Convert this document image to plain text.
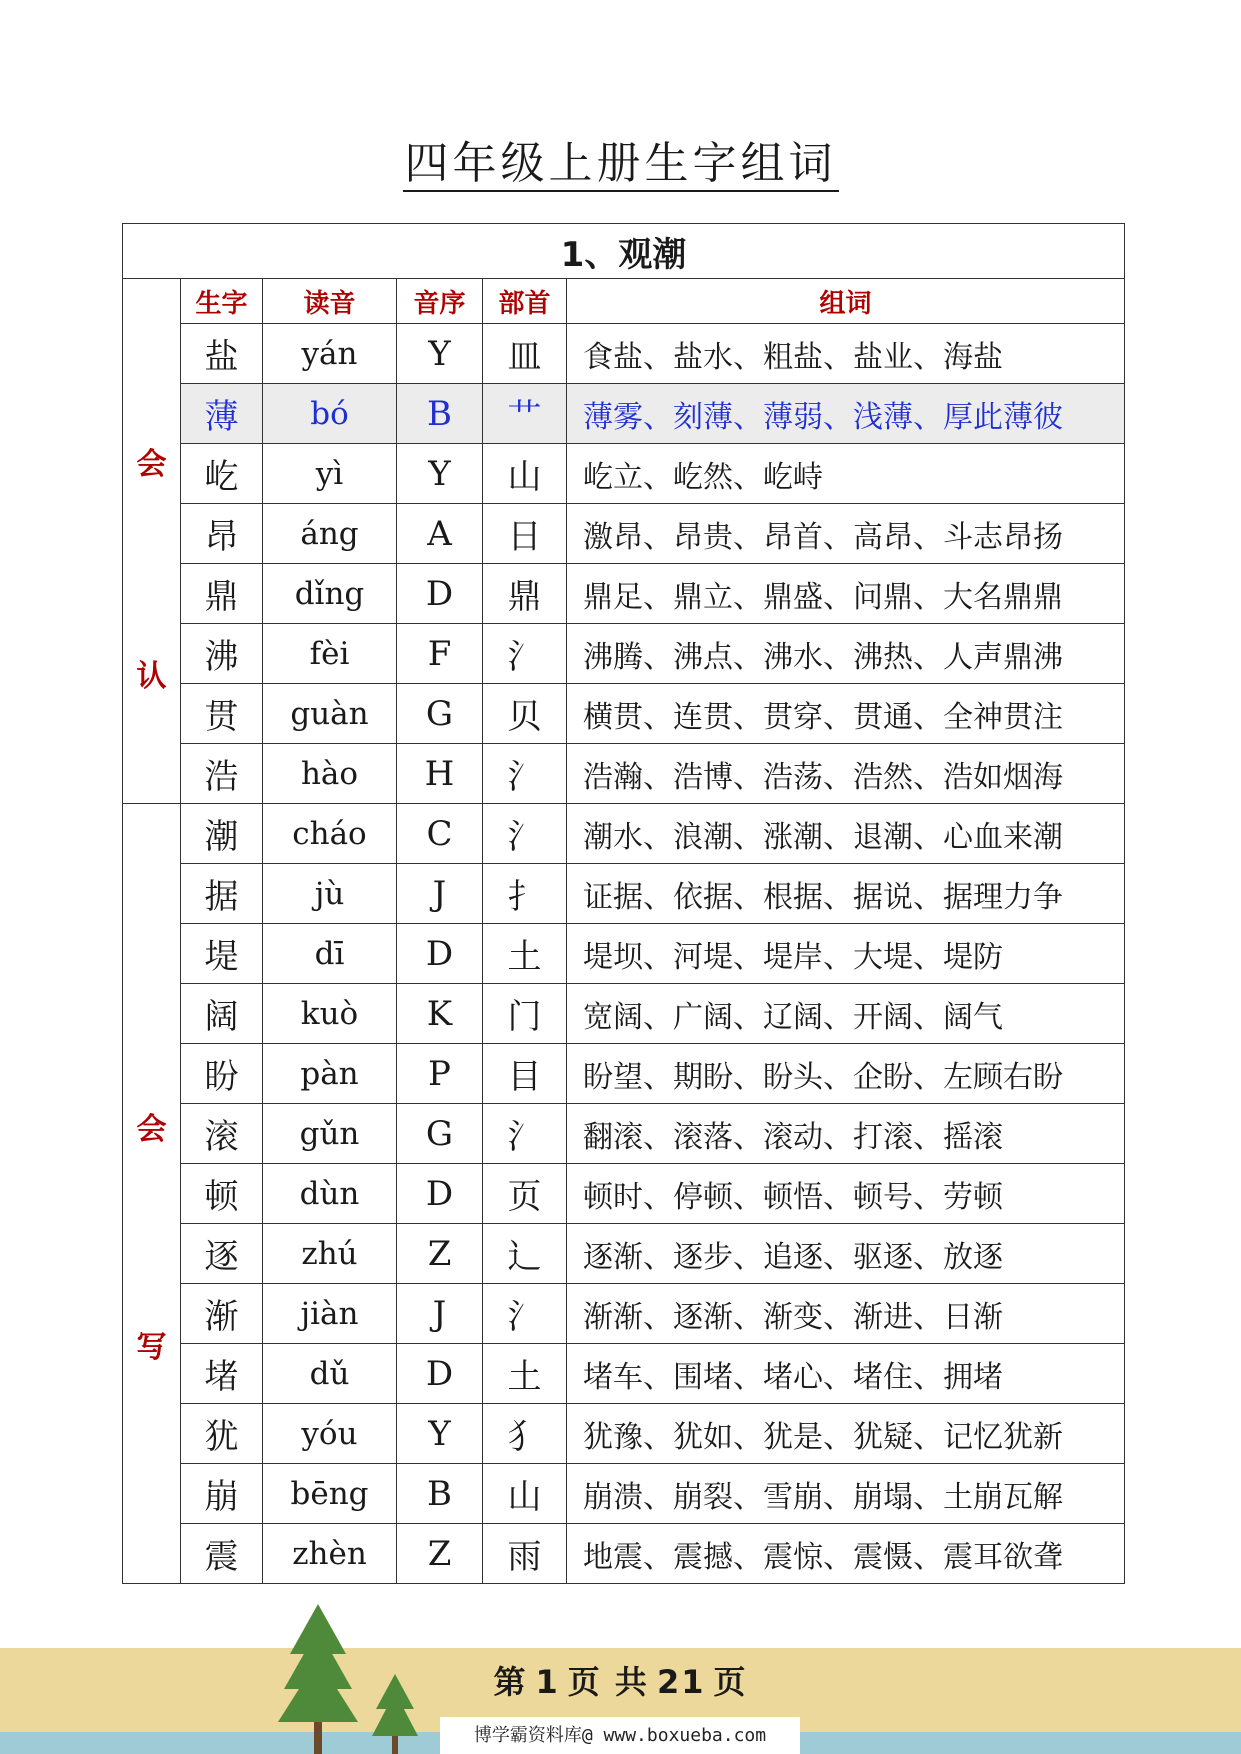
四年级上册生字组词
1、观潮					

会
认	生字	读音	音序	部首	组词
	盐	yán	Y	皿	食盐、盐水、粗盐、盐业、海盐
	薄	bó	B	艹	薄雾、刻薄、薄弱、浅薄、厚此薄彼
	屹	yì	Y	山	屹立、屹然、屹峙
	昂	áng	A	日	激昂、昂贵、昂首、高昂、斗志昂扬
	鼎	dǐng	D	鼎	鼎足、鼎立、鼎盛、问鼎、大名鼎鼎
	沸	fèi	F	氵	沸腾、沸点、沸水、沸热、人声鼎沸
	贯	guàn	G	贝	横贯、连贯、贯穿、贯通、全神贯注
	浩	hào	H	氵	浩瀚、浩博、浩荡、浩然、浩如烟海

会
写	潮	cháo	C	氵	潮水、浪潮、涨潮、退潮、心血来潮
	据	jù	J	扌	证据、依据、根据、据说、据理力争
	堤	dī	D	土	堤坝、河堤、堤岸、大堤、堤防
	阔	kuò	K	门	宽阔、广阔、辽阔、开阔、阔气
	盼	pàn	P	目	盼望、期盼、盼头、企盼、左顾右盼
	滚	gǔn	G	氵	翻滚、滚落、滚动、打滚、摇滚
	顿	dùn	D	页	顿时、停顿、顿悟、顿号、劳顿
	逐	zhú	Z	辶	逐渐、逐步、追逐、驱逐、放逐
	渐	jiàn	J	氵	渐渐、逐渐、渐变、渐进、日渐
	堵	dǔ	D	土	堵车、围堵、堵心、堵住、拥堵
	犹	yóu	Y	犭	犹豫、犹如、犹是、犹疑、记忆犹新
	崩	bēng	B	山	崩溃、崩裂、雪崩、崩塌、土崩瓦解
	震	zhèn	Z	雨	地震、震撼、震惊、震慑、震耳欲聋
第 1 页 共 21 页
博学霸资料库@ www.boxueba.com
